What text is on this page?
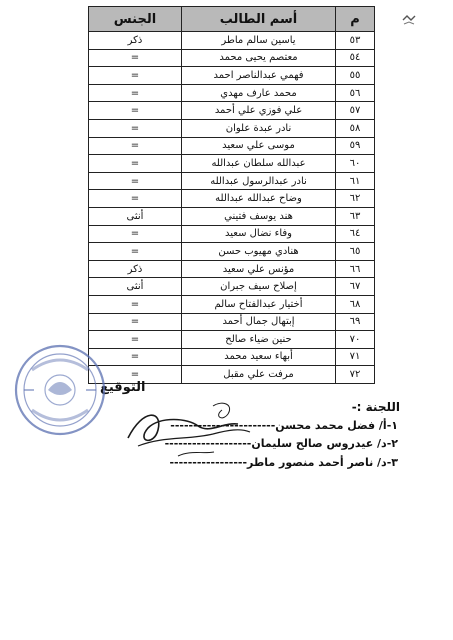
م	أسم الطالب	الجنس
٥٣	ياسين سالم ماطر	ذكر
٥٤	معتصم يحيى محمد	=
٥٥	فهمي عبدالناصر احمد	=
٥٦	محمد عارف مهدي	=
٥٧	علي فوزي علي أحمد	=
٥٨	نادر عبدة علوان	=
٥٩	موسى علي سعيد	=
٦٠	عبدالله سلطان عبدالله	=
٦١	نادر عبدالرسول عبدالله	=
٦٢	وضاح عبدالله عبدالله	=
٦٣	هند يوسف فتيني	أنثى
٦٤	وفاء نضال سعيد	=
٦٥	هنادي مهيوب حسن	=
٦٦	مؤنس علي سعيد	ذكر
٦٧	إصلاح سيف جبران	أنثى
٦٨	أختيار عبدالفتاح سالم	=
٦٩	إبتهال جمال أحمد	=
٧٠	حنين ضياء صالح	=
٧١	أبهاء سعيد محمد	=
٧٢	مرفت علي مقبل	=
التوقيع
اللجنة :-
١-أ/ فضل محمد محسن-----------------------
٢-د/ عيدروس صالح سليمان-------------------
٣-د/ ناصر أحمد منصور ماطر-----------------
